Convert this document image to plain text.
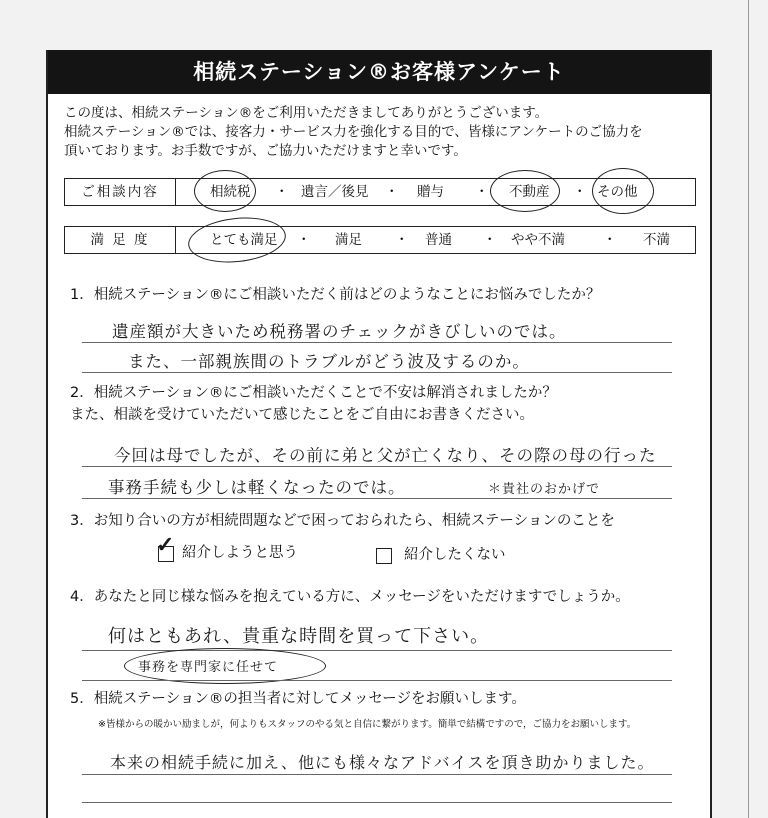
相続ステーション®お客様アンケート
この度は、相続ステーション®をご利用いただきましてありがとうございます。
相続ステーション®では、接客力・サービス力を強化する目的で、皆様にアンケートのご協力を
頂いております。お手数ですが、ご協力いただけますと幸いです。
ご相談内容	相続税 ・ 遺言／後見 ・ 贈与 ・ 不動産 ・ その他
満 足 度	とても満足 ・ 満足 ・ 普通 ・ やや不満	・ 不満
1．相続ステーション®にご相談いただく前はどのようなことにお悩みでしたか？
遺産額が大きいため税務署のチェックがきびしいのでは。
また、一部親族間のトラブルがどう波及するのか。
2．相続ステーション®にご相談いただくことで不安は解消されましたか？
また、相談を受けていただいて感じたことをご自由にお書きください。
今回は母でしたが、その前に弟と父が亡くなり、その際の母の行った
事務手続も少しは軽くなったのでは。	＊貴社のおかげで
3．お知り合いの方が相続問題などで困っておられたら、相続ステーションのことを
✓ 紹介しようと思う	紹介したくない
4．あなたと同じ様な悩みを抱えている方に、メッセージをいただけますでしょうか。
何はともあれ、貴重な時間を買って下さい。
事務を専門家に任せて
5．相続ステーション®の担当者に対してメッセージをお願いします。
※皆様からの暖かい励ましが，何よりもスタッフのやる気と自信に繋がります。簡単で結構ですので，ご協力をお願いします。
本来の相続手続に加え、他にも様々なアドバイスを頂き助かりました。
